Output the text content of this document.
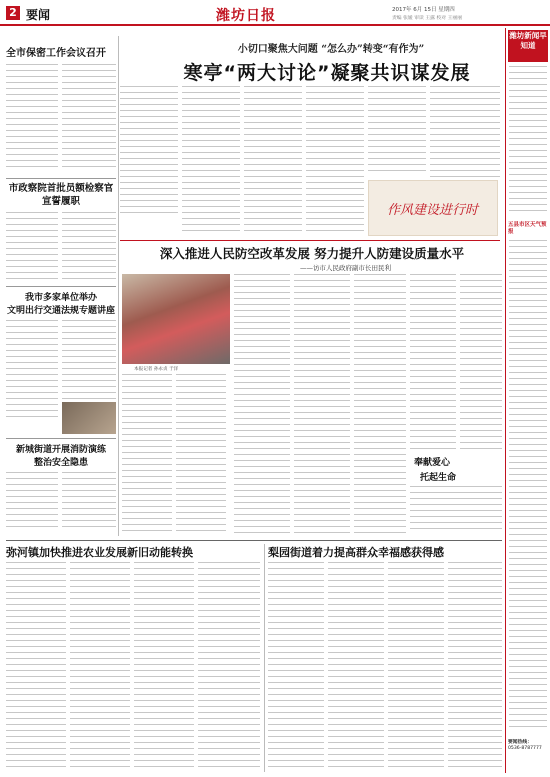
2 要闻	潍坊日报	2017年 6月 15日 星期四
责编 张媛 审读 王露 校对 王丽丽
小切口聚焦大问题 “怎么办”转变“有作为”
寒亭“两大讨论”凝聚共识谋发展
作风建设进行时
全市保密工作会议召开
市政察院首批员额检察官宣誓履职
我市多家单位举办
文明出行交通法规专题讲座
新城街道开展消防演练
整治安全隐患
深入推进人民防空改革发展 努力提升人防建设质量水平
——访市人民政府副市长田民利
本报记者 孙永贞 于洋
奉献爱心
托起生命
弥河镇加快推进农业发展新旧动能转换	梨园街道着力提高群众幸福感获得感
潍坊新闻早知道
五县市区天气预报
要闻热线：
0536-8787777
